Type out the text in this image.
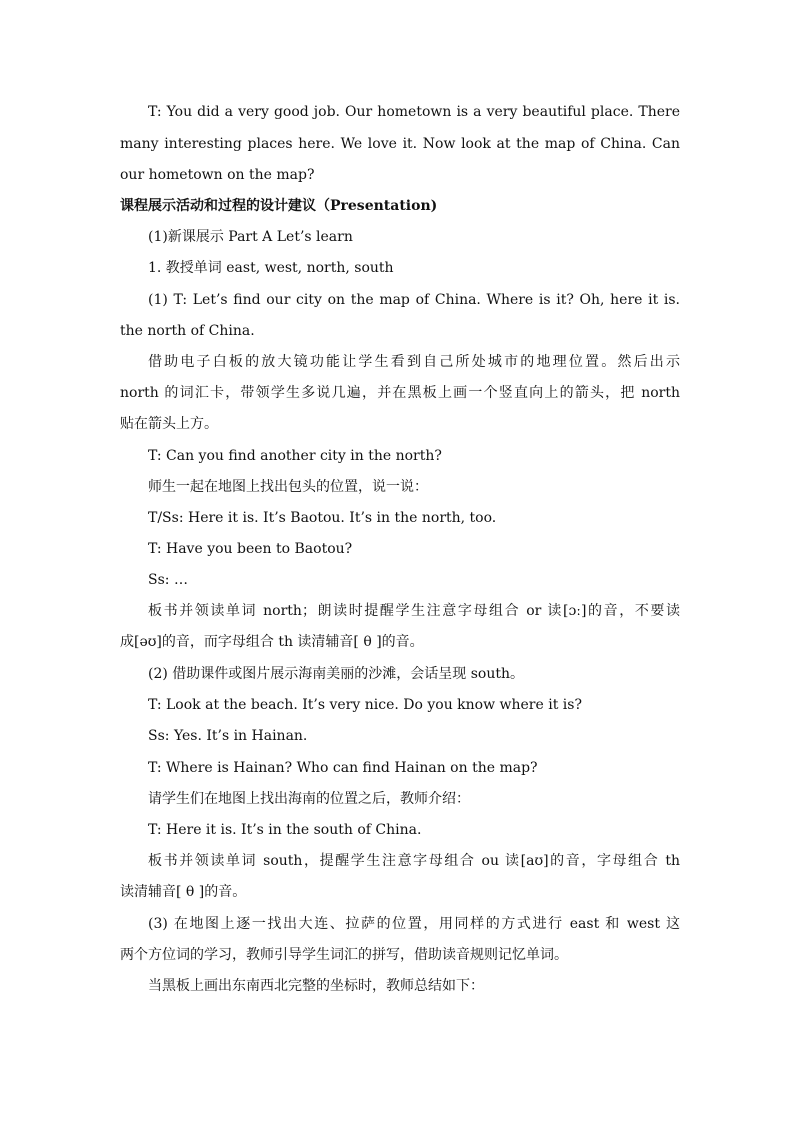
T: You did a very good job. Our hometown is a very beautiful place. There
many interesting places here. We love it. Now look at the map of China. Can
our hometown on the map?
课程展示活动和过程的设计建议（Presentation)
(1)新课展示 Part A Let’s learn
1. 教授单词 east, west, north, south
(1) T: Let’s find our city on the map of China. Where is it? Oh, here it is.
the north of China.
借助电子白板的放大镜功能让学生看到自己所处城市的地理位置。然后出示
north 的词汇卡，带领学生多说几遍，并在黑板上画一个竖直向上的箭头，把 north
贴在箭头上方。
T: Can you find another city in the north?
师生一起在地图上找出包头的位置，说一说：
T/Ss: Here it is. It’s Baotou. It’s in the north, too.
T: Have you been to Baotou?
Ss: …
板书并领读单词 north；朗读时提醒学生注意字母组合 or 读[ɔː]的音，不要读
成[əʊ]的音，而字母组合 th 读清辅音[ θ ]的音。
(2) 借助课件或图片展示海南美丽的沙滩，会话呈现 south。
T: Look at the beach. It’s very nice. Do you know where it is?
Ss: Yes. It’s in Hainan.
T: Where is Hainan? Who can find Hainan on the map?
请学生们在地图上找出海南的位置之后，教师介绍：
T: Here it is. It’s in the south of China.
板书并领读单词 south，提醒学生注意字母组合 ou 读[aʊ]的音，字母组合 th
读清辅音[ θ ]的音。
(3) 在地图上逐一找出大连、拉萨的位置，用同样的方式进行 east 和 west 这
两个方位词的学习，教师引导学生词汇的拼写，借助读音规则记忆单词。
当黑板上画出东南西北完整的坐标时，教师总结如下：
